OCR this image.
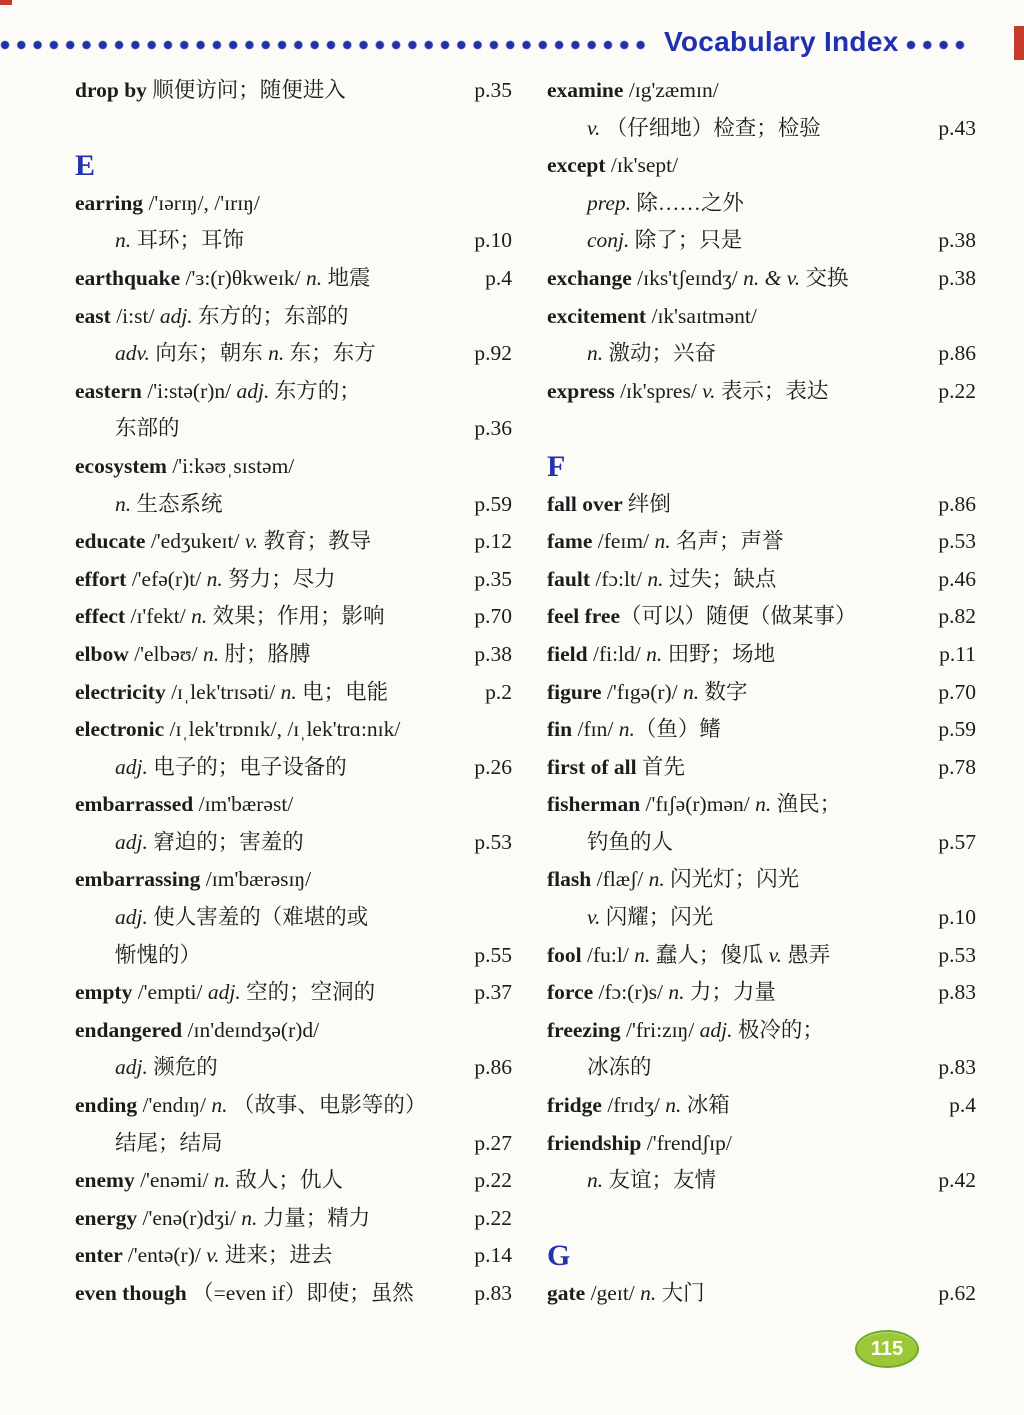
Vocabulary Index
drop by 顺便访问；随便进入	p.35
E
earring /'ɪərɪŋ/, /'ɪrɪŋ/
n. 耳环；耳饰	p.10
earthquake /'ɜ:(r)θkweɪk/ n. 地震	p.4
east /i:st/ adj. 东方的；东部的
adv. 向东；朝东 n. 东；东方	p.92
eastern /'i:stə(r)n/ adj. 东方的；
东部的	p.36
ecosystem /'i:kəʊˌsɪstəm/
n. 生态系统	p.59
educate /'edʒukeɪt/ v. 教育；教导	p.12
effort /'efə(r)t/ n. 努力；尽力	p.35
effect /ɪ'fekt/ n. 效果；作用；影响	p.70
elbow /'elbəʊ/ n. 肘；胳膊	p.38
electricity /ɪˌlek'trɪsəti/ n. 电；电能	p.2
electronic /ɪˌlek'trɒnɪk/, /ɪˌlek'trɑ:nɪk/
adj. 电子的；电子设备的	p.26
embarrassed /ɪm'bærəst/
adj. 窘迫的；害羞的	p.53
embarrassing /ɪm'bærəsɪŋ/
adj. 使人害羞的（难堪的或
惭愧的）	p.55
empty /'empti/ adj. 空的；空洞的	p.37
endangered /ɪn'deɪndʒə(r)d/
adj. 濒危的	p.86
ending /'endɪŋ/ n. （故事、电影等的）
结尾；结局	p.27
enemy /'enəmi/ n. 敌人；仇人	p.22
energy /'enə(r)dʒi/ n. 力量；精力	p.22
enter /'entə(r)/ v. 进来；进去	p.14
even though （=even if）即使；虽然	p.83
examine /ɪg'zæmɪn/
v. （仔细地）检查；检验	p.43
except /ɪk'sept/
prep. 除……之外
conj. 除了；只是	p.38
exchange /ɪks'tʃeɪndʒ/ n. & v. 交换	p.38
excitement /ɪk'saɪtmənt/
n. 激动；兴奋	p.86
express /ɪk'spres/ v. 表示；表达	p.22
F
fall over 绊倒	p.86
fame /feɪm/ n. 名声；声誉	p.53
fault /fɔ:lt/ n. 过失；缺点	p.46
feel free（可以）随便（做某事）	p.82
field /fi:ld/ n. 田野；场地	p.11
figure /'fɪgə(r)/ n. 数字	p.70
fin /fɪn/ n.（鱼）鳍	p.59
first of all 首先	p.78
fisherman /'fɪʃə(r)mən/ n. 渔民；
钓鱼的人	p.57
flash /flæʃ/ n. 闪光灯；闪光
v. 闪耀；闪光	p.10
fool /fu:l/ n. 蠢人；傻瓜 v. 愚弄	p.53
force /fɔ:(r)s/ n. 力；力量	p.83
freezing /'fri:zɪŋ/ adj. 极冷的；
冰冻的	p.83
fridge /frɪdʒ/ n. 冰箱	p.4
friendship /'frendʃɪp/
n. 友谊；友情	p.42
G
gate /geɪt/ n. 大门	p.62
115
